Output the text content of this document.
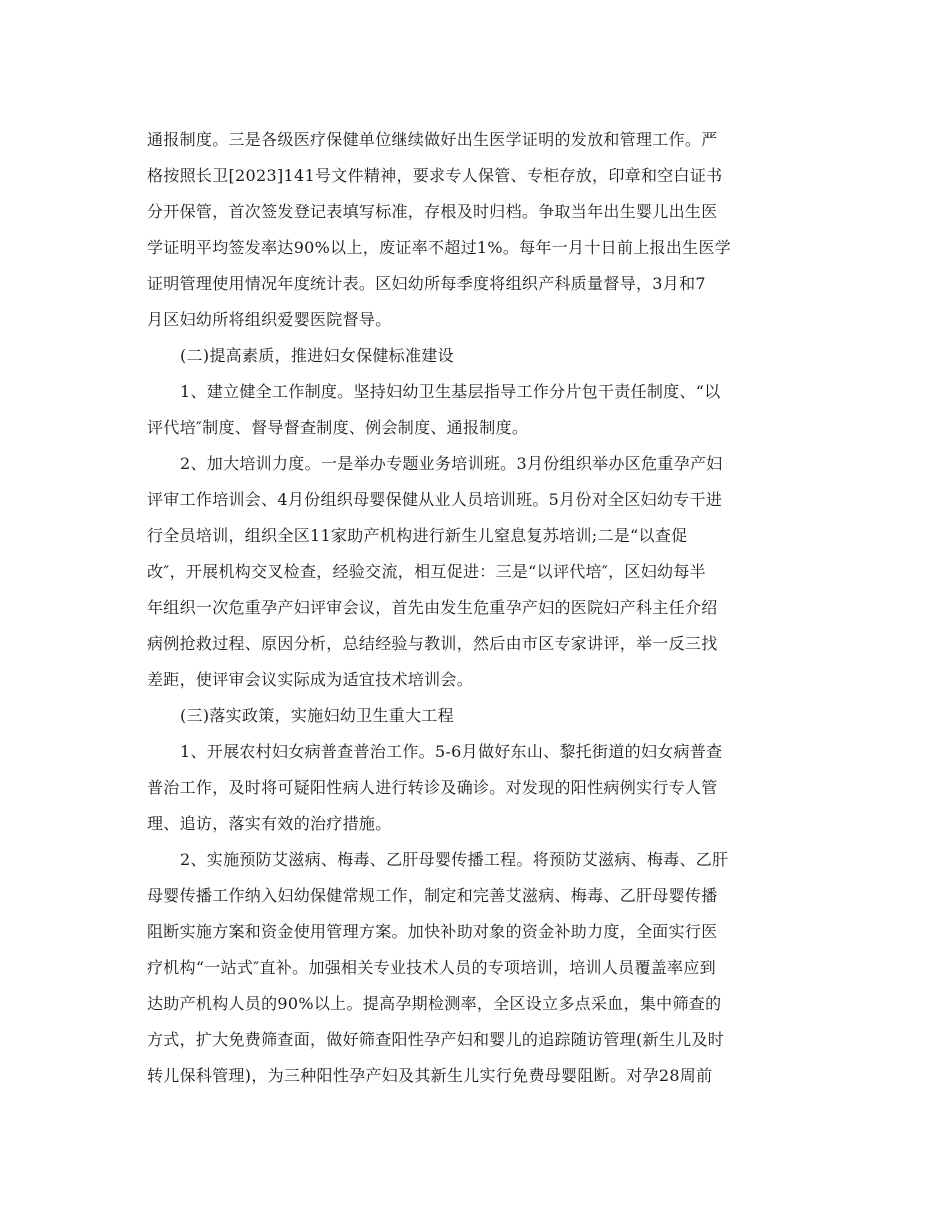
通报制度。三是各级医疗保健单位继续做好出生医学证明的发放和管理工作。严
格按照长卫[2023]141号文件精神，要求专人保管、专柜存放，印章和空白证书
分开保管，首次签发登记表填写标准，存根及时归档。争取当年出生婴儿出生医
学证明平均签发率达90%以上，废证率不超过1%。每年一月十日前上报出生医学
证明管理使用情况年度统计表。区妇幼所每季度将组织产科质量督导，3月和7
月区妇幼所将组织爱婴医院督导。
(二)提高素质，推进妇女保健标准建设
1、建立健全工作制度。坚持妇幼卫生基层指导工作分片包干责任制度、“以
评代培″制度、督导督查制度、例会制度、通报制度。
2、加大培训力度。一是举办专题业务培训班。3月份组织举办区危重孕产妇
评审工作培训会、4月份组织母婴保健从业人员培训班。5月份对全区妇幼专干进
行全员培训，组织全区11家助产机构进行新生儿窒息复苏培训;二是“以查促
改″，开展机构交叉检查，经验交流，相互促进：三是“以评代培″，区妇幼每半
年组织一次危重孕产妇评审会议，首先由发生危重孕产妇的医院妇产科主任介绍
病例抢救过程、原因分析，总结经验与教训，然后由市区专家讲评，举一反三找
差距，使评审会议实际成为适宜技术培训会。
(三)落实政策，实施妇幼卫生重大工程
1、开展农村妇女病普查普治工作。5-6月做好东山、黎托街道的妇女病普查
普治工作，及时将可疑阳性病人进行转诊及确诊。对发现的阳性病例实行专人管
理、追访，落实有效的治疗措施。
2、实施预防艾滋病、梅毒、乙肝母婴传播工程。将预防艾滋病、梅毒、乙肝
母婴传播工作纳入妇幼保健常规工作，制定和完善艾滋病、梅毒、乙肝母婴传播
阻断实施方案和资金使用管理方案。加快补助对象的资金补助力度，全面实行医
疗机构“一站式″直补。加强相关专业技术人员的专项培训，培训人员覆盖率应到
达助产机构人员的90%以上。提高孕期检测率，全区设立多点采血，集中筛查的
方式，扩大免费筛查面，做好筛查阳性孕产妇和婴儿的追踪随访管理(新生儿及时
转儿保科管理)，为三种阳性孕产妇及其新生儿实行免费母婴阻断。对孕28周前
